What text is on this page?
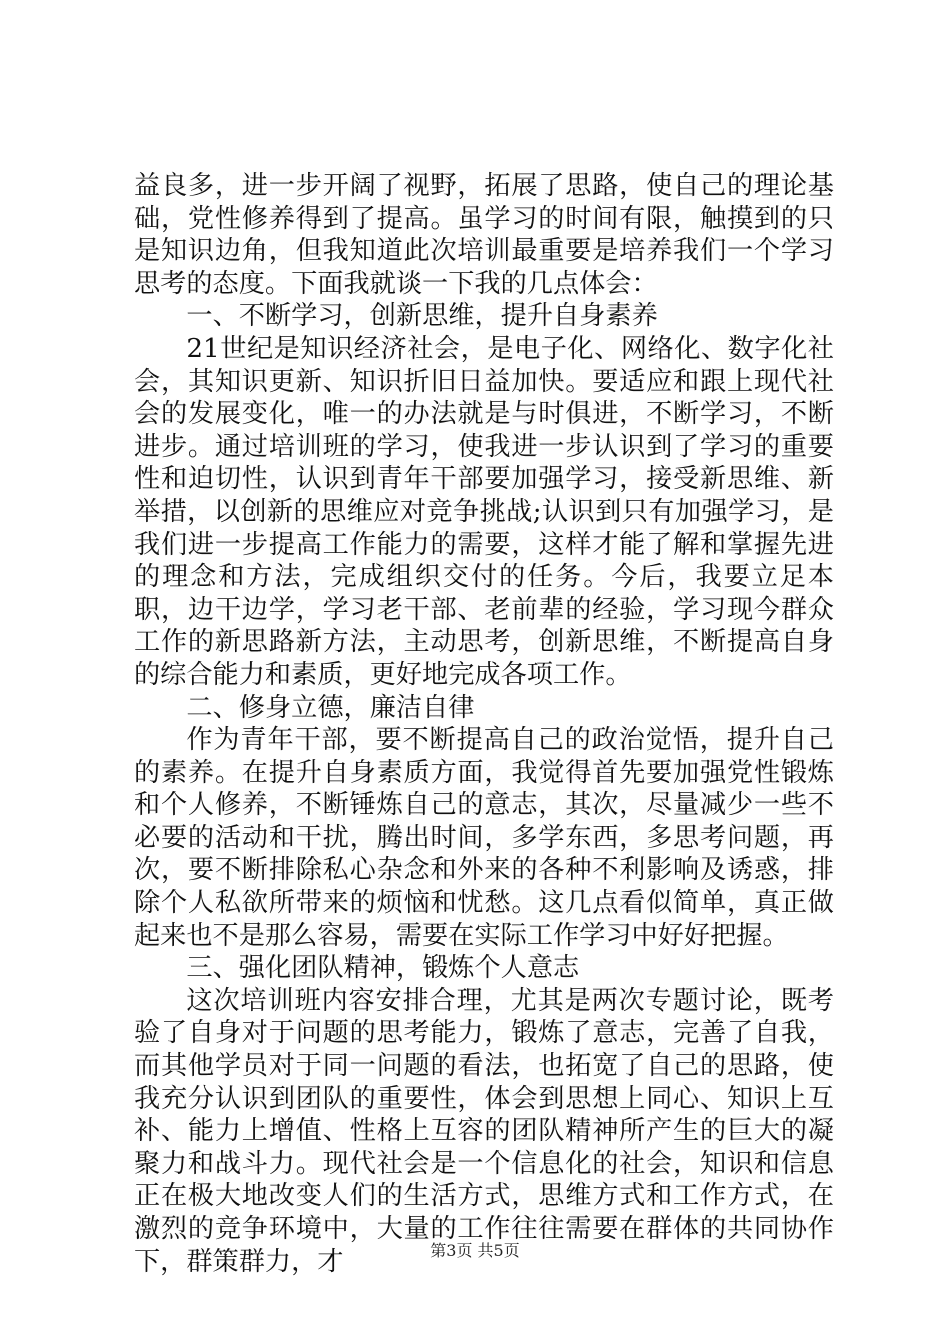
益良多，进一步开阔了视野，拓展了思路，使自己的理论基础，党性修养得到了提高。虽学习的时间有限，触摸到的只是知识边角，但我知道此次培训最重要是培养我们一个学习思考的态度。下面我就谈一下我的几点体会：

一、不断学习，创新思维，提升自身素养

21世纪是知识经济社会，是电子化、网络化、数字化社会，其知识更新、知识折旧日益加快。要适应和跟上现代社会的发展变化，唯一的办法就是与时俱进，不断学习，不断进步。通过培训班的学习，使我进一步认识到了学习的重要性和迫切性，认识到青年干部要加强学习，接受新思维、新举措，以创新的思维应对竞争挑战;认识到只有加强学习，是我们进一步提高工作能力的需要，这样才能了解和掌握先进的理念和方法，完成组织交付的任务。今后，我要立足本职，边干边学，学习老干部、老前辈的经验，学习现今群众工作的新思路新方法，主动思考，创新思维，不断提高自身的综合能力和素质，更好地完成各项工作。

二、修身立德，廉洁自律

作为青年干部，要不断提高自己的政治觉悟，提升自己的素养。在提升自身素质方面，我觉得首先要加强党性锻炼和个人修养，不断锤炼自己的意志，其次，尽量减少一些不必要的活动和干扰，腾出时间，多学东西，多思考问题，再次，要不断排除私心杂念和外来的各种不利影响及诱惑，排除个人私欲所带来的烦恼和忧愁。这几点看似简单，真正做起来也不是那么容易，需要在实际工作学习中好好把握。

三、强化团队精神，锻炼个人意志

这次培训班内容安排合理，尤其是两次专题讨论，既考验了自身对于问题的思考能力，锻炼了意志，完善了自我，而其他学员对于同一问题的看法，也拓宽了自己的思路，使我充分认识到团队的重要性，体会到思想上同心、知识上互补、能力上增值、性格上互容的团队精神所产生的巨大的凝聚力和战斗力。现代社会是一个信息化的社会，知识和信息正在极大地改变人们的生活方式，思维方式和工作方式，在激烈的竞争环境中，大量的工作往往需要在群体的共同协作下，群策群力，才	第3页 共5页
